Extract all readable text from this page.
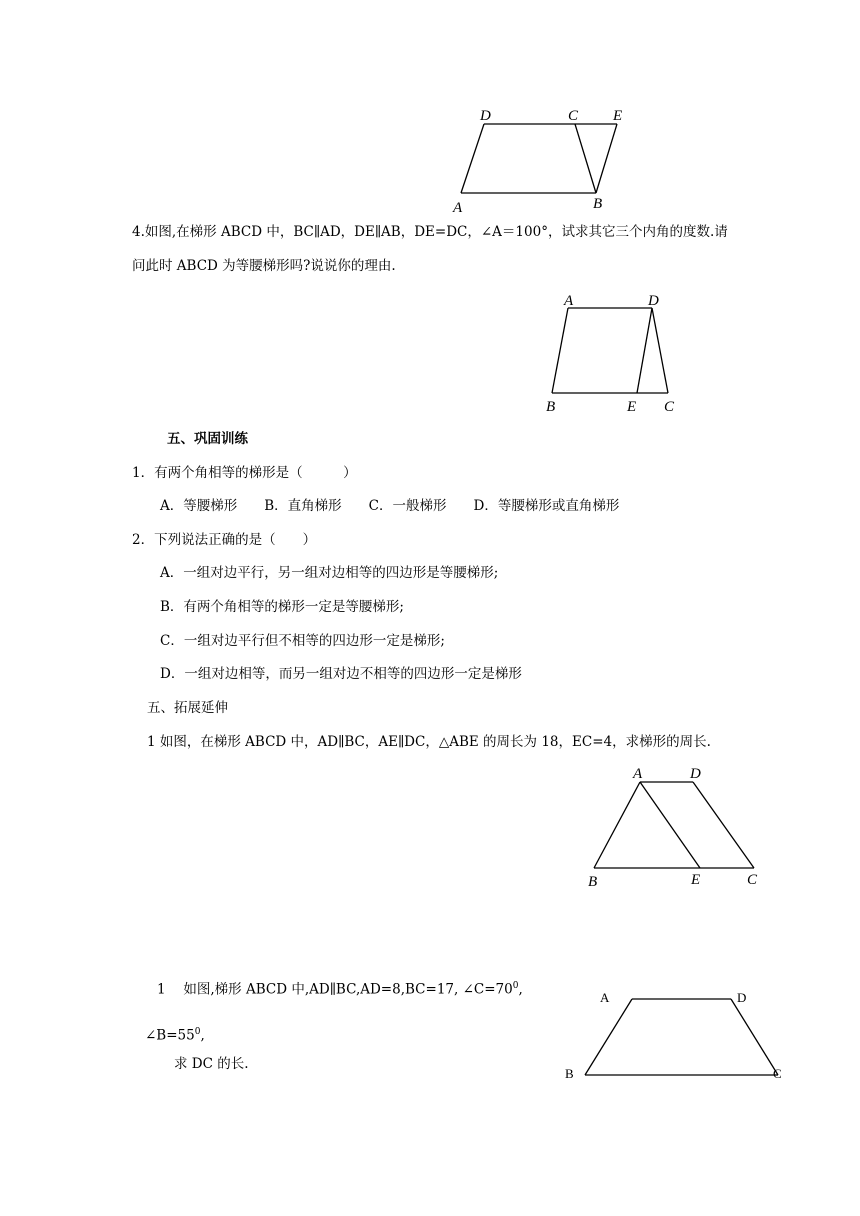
D	C E
A	B
4.如图,在梯形 ABCD 中，BC∥AD，DE∥AB，DE=DC，∠A＝100°，试求其它三个内角的度数.请
问此时 ABCD 为等腰梯形吗?说说你的理由.
A	D
B	E C
五、巩固训练
1．有两个角相等的梯形是（　　　）
A．等腰梯形　　B．直角梯形　　C．一般梯形　　D．等腰梯形或直角梯形
2．下列说法正确的是（　　）
A．一组对边平行，另一组对边相等的四边形是等腰梯形;
B．有两个角相等的梯形一定是等腰梯形;
C．一组对边平行但不相等的四边形一定是梯形;
D．一组对边相等，而另一组对边不相等的四边形一定是梯形
五、拓展延伸
1 如图，在梯形 ABCD 中，AD∥BC，AE∥DC，△ABE 的周长为 18，EC=4，求梯形的周长.
A	D
B	E	C
1　 如图,梯形 ABCD 中,AD∥BC,AD=8,BC=17, $\angle C=70^0$,
$\angle B=55^0$,
求 DC 的长.
A	D
B	C
